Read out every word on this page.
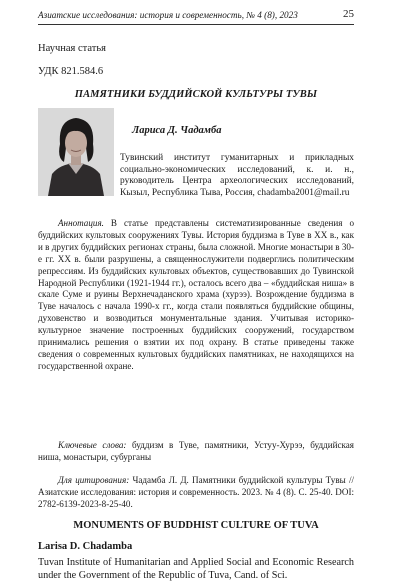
Азиатские исследования: история и современность, № 4 (8), 2023	25
Научная статья
УДК 821.584.6
ПАМЯТНИКИ БУДДИЙСКОЙ КУЛЬТУРЫ ТУВЫ
Лариса Д. Чадамба
Тувинский институт гуманитарных и прикладных социально-экономических исследований, к. и. н., руководитель Центра археологических исследований, Кызыл, Республика Тыва, Россия, chadamba2001@mail.ru
Аннотация. В статье представлены систематизированные сведения о буддийских культовых сооружениях Тувы. История буддизма в Туве в XX в., как и в других буддийских регионах страны, была сложной. Многие монастыри в 30-е гг. XX в. были разрушены, а священнослужители подверглись политическим репрессиям. Из буддийских культовых объектов, существовавших до Тувинской Народной Республики (1921-1944 гг.), осталось всего два – «буддийская ниша» в скале Суме и руины Верхнечаданского храма (хурээ). Возрождение буддизма в Туве началось с начала 1990-х гг., когда стали появляться буддийские общины, духовенство и возводиться монументальные здания. Учитывая историко-культурное значение построенных буддийских сооружений, государством принимались решения о взятии их под охрану. В статье приведены также сведения о современных культовых буддийских памятниках, не находящихся на государственной охране.
Ключевые слова: буддизм в Туве, памятники, Устуу-Хурээ, буддийская ниша, монастыри, субурганы
Для цитирования: Чадамба Л. Д. Памятники буддийской культуры Тувы //Азиатские исследования: история и современность. 2023. № 4 (8). С. 25-40. DOI: 2782-6139-2023-8-25-40.
MONUMENTS OF BUDDHIST CULTURE OF TUVA
Larisa D. Chadamba
Tuvan Institute of Humanitarian and Applied Social and Economic Research under the Government of the Republic of Tuva, Cand. of Sci.
